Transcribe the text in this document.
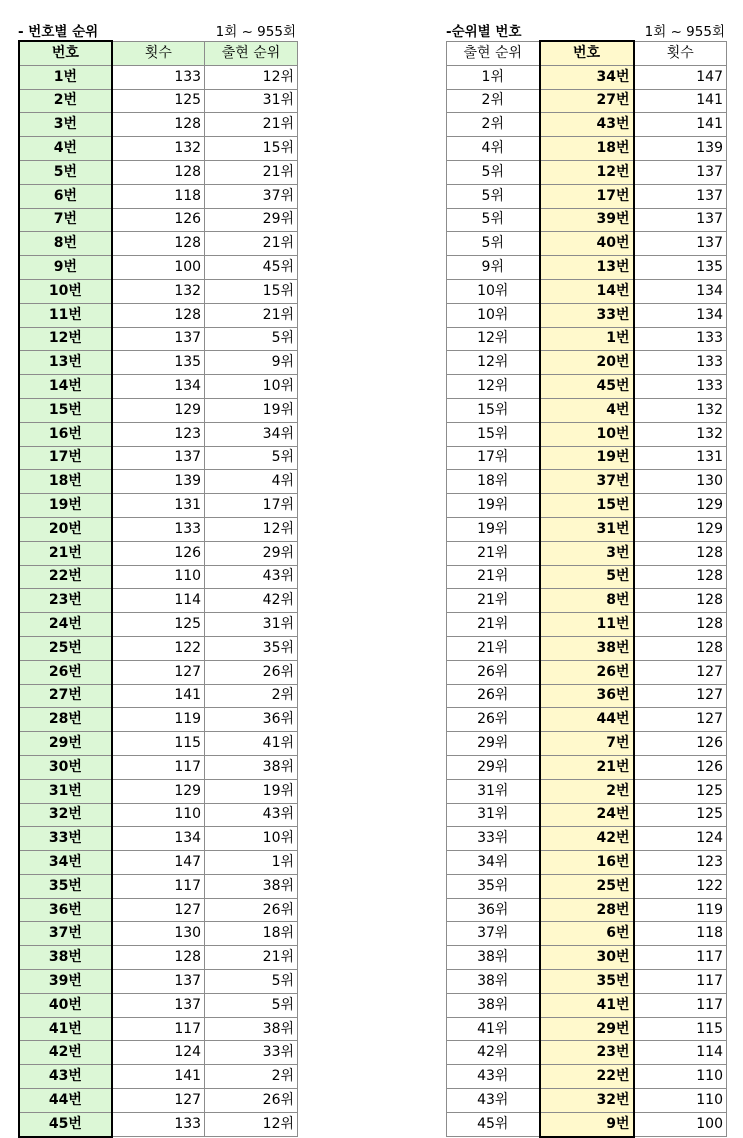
- 번호별 순위	1회 ~ 955회
번호	횟수	출현 순위
1번	133	12위
2번	125	31위
3번	128	21위
4번	132	15위
5번	128	21위
6번	118	37위
7번	126	29위
8번	128	21위
9번	100	45위
10번	132	15위
11번	128	21위
12번	137	5위
13번	135	9위
14번	134	10위
15번	129	19위
16번	123	34위
17번	137	5위
18번	139	4위
19번	131	17위
20번	133	12위
21번	126	29위
22번	110	43위
23번	114	42위
24번	125	31위
25번	122	35위
26번	127	26위
27번	141	2위
28번	119	36위
29번	115	41위
30번	117	38위
31번	129	19위
32번	110	43위
33번	134	10위
34번	147	1위
35번	117	38위
36번	127	26위
37번	130	18위
38번	128	21위
39번	137	5위
40번	137	5위
41번	117	38위
42번	124	33위
43번	141	2위
44번	127	26위
45번	133	12위
-순위별 번호	1회 ~ 955회
출현 순위	번호	횟수
1위	34번	147
2위	27번	141
2위	43번	141
4위	18번	139
5위	12번	137
5위	17번	137
5위	39번	137
5위	40번	137
9위	13번	135
10위	14번	134
10위	33번	134
12위	1번	133
12위	20번	133
12위	45번	133
15위	4번	132
15위	10번	132
17위	19번	131
18위	37번	130
19위	15번	129
19위	31번	129
21위	3번	128
21위	5번	128
21위	8번	128
21위	11번	128
21위	38번	128
26위	26번	127
26위	36번	127
26위	44번	127
29위	7번	126
29위	21번	126
31위	2번	125
31위	24번	125
33위	42번	124
34위	16번	123
35위	25번	122
36위	28번	119
37위	6번	118
38위	30번	117
38위	35번	117
38위	41번	117
41위	29번	115
42위	23번	114
43위	22번	110
43위	32번	110
45위	9번	100
